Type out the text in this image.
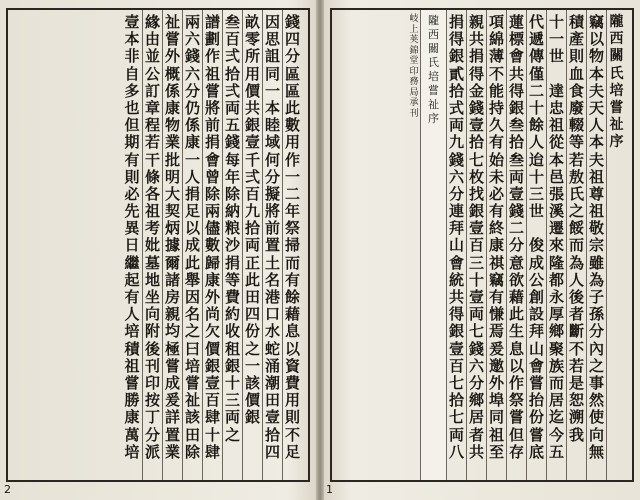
錢
四
分
區
區
此
數
用
作
一
二
年
祭
掃
而
有
餘
藉
息
以
資
費
用
則
不
足
因
思
詛
同
一
本
睦
域
何
分
擬
將
前
置
土
名
港
口
水
蛇
涌
潮
田
壹
拾
四
畝
零
所
用
價
共
銀
壹
千
弍
百
九
拾
両
正
此
田
四
份
之
一
該
價
銀
叁
百
弍
拾
弍
両
五
錢
每
年
除
納
粮
沙
捐
等
費
約
收
租
銀
十
三
両
之
譜
劃
作
祖
嘗
將
前
捐
會
曾
除
兩
儘
數
歸
康
外
尚
欠
價
銀
壹
百
肆
十
肆
兩
六
錢
六
分
仍
係
康
一
人
捐
足
以
成
此
舉
因
名
之
曰
培
嘗
祉
該
田
除
祉
嘗
外
概
係
康
物
業
批
明
大
契
炳
據
爾
諸
房
親
均
極
嘗
成
爰
詳
置
業
緣
由
並
公
訂
章
程
若
干
條
各
祖
考
妣
墓
地
坐
向
附
後
刊
印
按
丁
分
派
壹
本
非
自
多
也
但
期
有
則
必
先
異
日
繼
起
有
人
培
積
祖
嘗
勝
康
萬
培
2
隴
西
關
氏
培
嘗
祉
序
竊
以
物
本
夫
天
人
本
夫
祖
尊
祖
敬
宗
雖
為
子
孫
分
內
之
事
然
使
向
無
積
產
則
血
食
廢
輟
等
若
敖
氏
之
餒
而
為
人
後
者
斷
不
若
是
恕
溯
我
十
一
世

達
忠
祖
從
本
邑
張
溪
遷
來
隆
都
永
厚
鄉
聚
族
而
居
迄
今
五
代
遞
傳
僅
二
十
餘
人
迨
十
三
世

俊
成
公
創
設
拜
山
會
嘗
抬
份
嘗
底
蓮
標
會
共
得
銀
叁
拾
叁
両
壹
錢
二
分
意
欲
藉
此
生
息
以
作
祭
嘗
但
存
項
綿
薄
不
能
持
久
有
始
未
必
有
終
康
祺
竊
有
慊
焉
爰
邀
外
埠
同
祖
至
親
共
捐
得
金
錢
壹
拾
七
枚
找
銀
壹
百
三
十
壹
両
七
錢
六
分
鄉
居
者
共
捐
得
銀
貳
拾
式
両
九
錢
六
分
連
拜
山
會
統
共
得
銀
壹
百
七
拾
七
両
八
隴
西
關
氏
培
嘗
祉
序
岐
上
荚
錦
堂
印
務
局
承
刊
1
